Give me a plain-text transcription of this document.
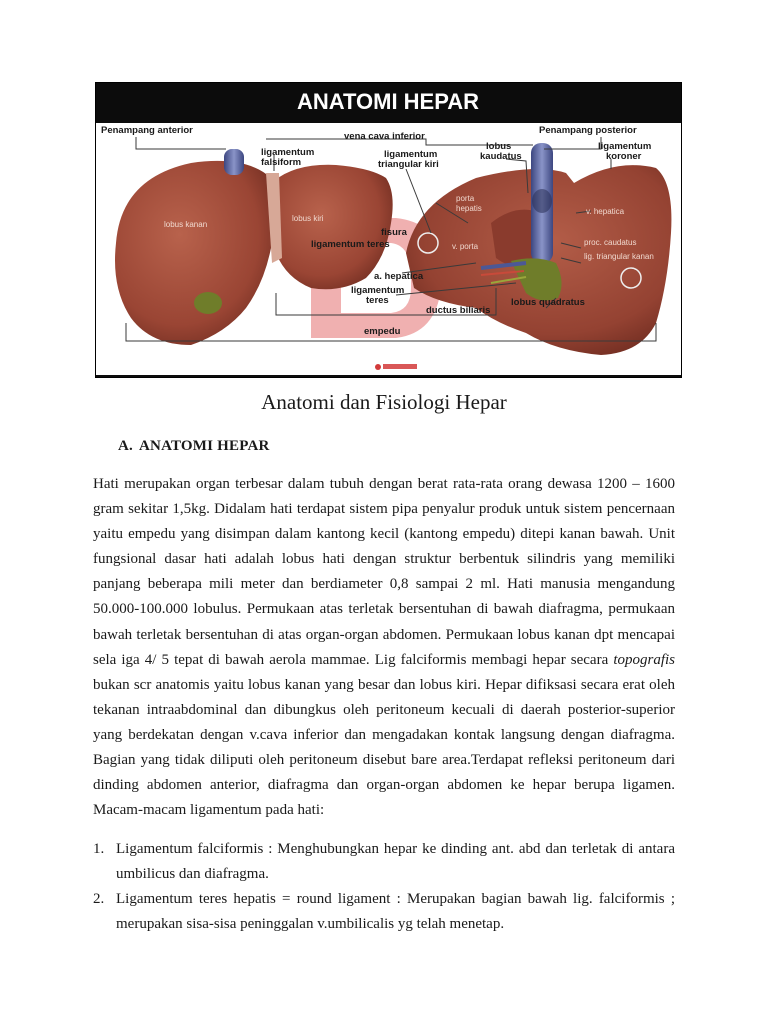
ANATOMI HEPAR
Penampang anterior
vena cava inferior
Penampang posterior
ligamentum
falsiform
ligamentum
triangular kiri
lobus
kaudatus
ligamentum
koroner
lobus kanan
lobus kiri
porta
hepatis	v. hepatica
fisura
ligamentum teres	v. porta	proc. caudatus
lig. triangular kanan
a. hepatica
ligamentum
teres	lobus quadratus
ductus biliaris
empedu
Anatomi dan Fisiologi Hepar
A. ANATOMI HEPAR

Hati merupakan organ terbesar dalam tubuh dengan berat rata-rata orang dewasa 1200 – 1600 gram sekitar 1,5kg. Didalam hati terdapat sistem pipa penyalur produk untuk sistem pencernaan yaitu empedu yang disimpan dalam kantong kecil (kantong empedu) ditepi kanan bawah. Unit fungsional dasar hati adalah lobus hati dengan struktur berbentuk silindris yang memiliki panjang beberapa mili meter dan berdiameter 0,8 sampai 2 ml. Hati manusia mengandung 50.000-100.000 lobulus. Permukaan atas terletak bersentuhan di bawah diafragma, permukaan bawah terletak bersentuhan di atas organ-organ abdomen. Permukaan lobus kanan dpt mencapai sela iga 4/ 5 tepat di bawah aerola mammae. Lig falciformis membagi hepar secara topografis bukan scr anatomis yaitu lobus kanan yang besar dan lobus kiri. Hepar difiksasi secara erat oleh tekanan intraabdominal dan dibungkus oleh peritoneum kecuali di daerah posterior-superior yang berdekatan dengan v.cava inferior dan mengadakan kontak langsung dengan diafragma. Bagian yang tidak diliputi oleh peritoneum disebut bare area.Terdapat refleksi peritoneum dari dinding abdomen anterior, diafragma dan organ-organ abdomen ke hepar berupa ligamen. Macam-macam ligamentum pada hati:

1. Ligamentum falciformis : Menghubungkan hepar ke dinding ant. abd dan terletak di antara umbilicus dan diafragma.
2. Ligamentum teres hepatis = round ligament : Merupakan bagian bawah lig. falciformis ; merupakan sisa-sisa peninggalan v.umbilicalis yg telah menetap.
